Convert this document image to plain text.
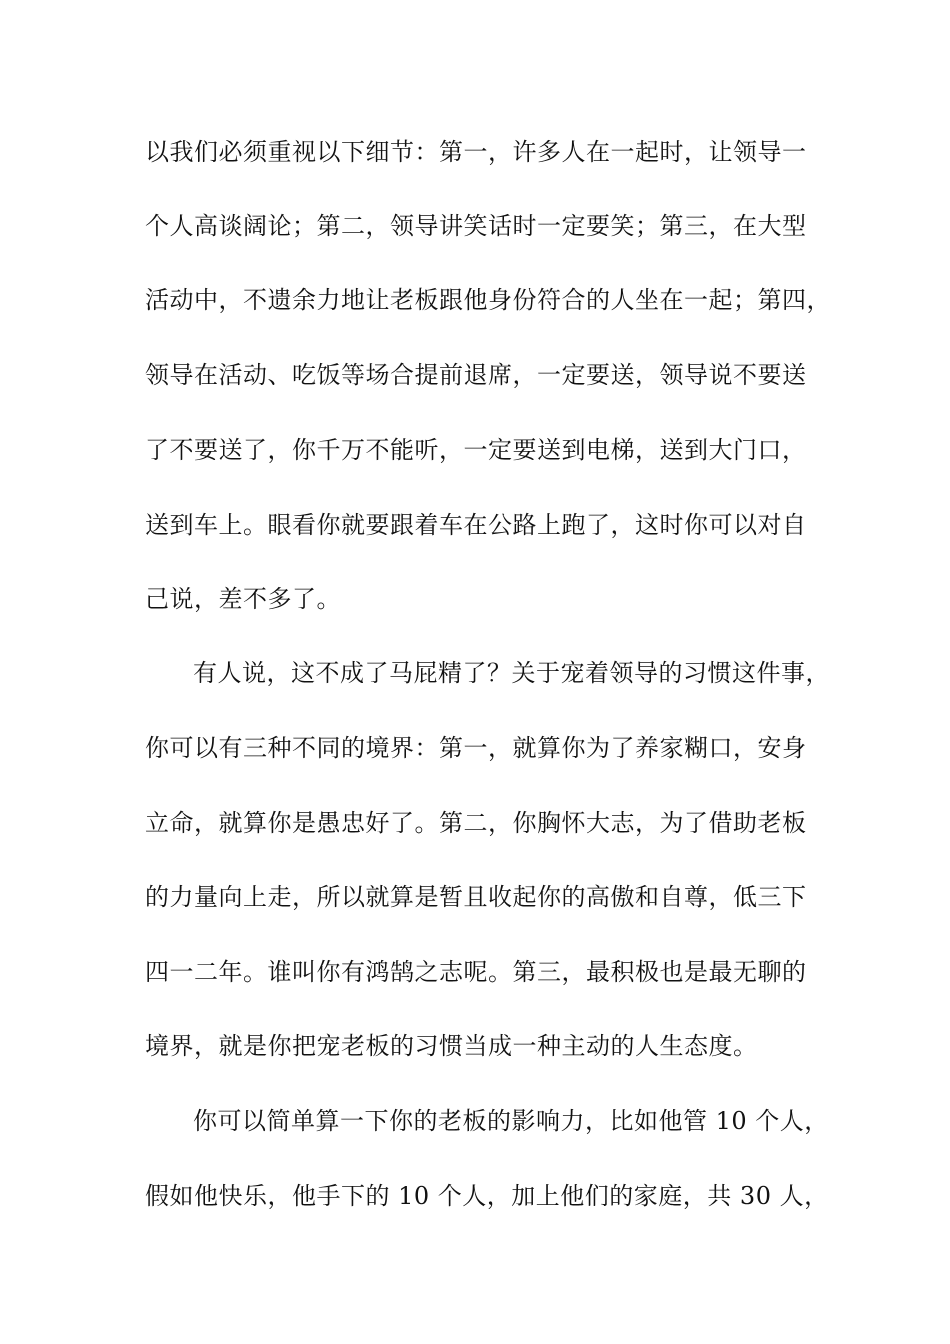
以我们必须重视以下细节：第一，许多人在一起时，让领导一
个人高谈阔论；第二，领导讲笑话时一定要笑；第三，在大型
活动中，不遗余力地让老板跟他身份符合的人坐在一起；第四，
领导在活动、吃饭等场合提前退席，一定要送，领导说不要送
了不要送了，你千万不能听，一定要送到电梯，送到大门口，
送到车上。眼看你就要跟着车在公路上跑了，这时你可以对自
己说，差不多了。
有人说，这不成了马屁精了？关于宠着领导的习惯这件事，
你可以有三种不同的境界：第一，就算你为了养家糊口，安身
立命，就算你是愚忠好了。第二，你胸怀大志，为了借助老板
的力量向上走，所以就算是暂且收起你的高傲和自尊，低三下
四一二年。谁叫你有鸿鹄之志呢。第三，最积极也是最无聊的
境界，就是你把宠老板的习惯当成一种主动的人生态度。
你可以简单算一下你的老板的影响力，比如他管 10 个人，
假如他快乐，他手下的 10 个人，加上他们的家庭，共 30 人，
